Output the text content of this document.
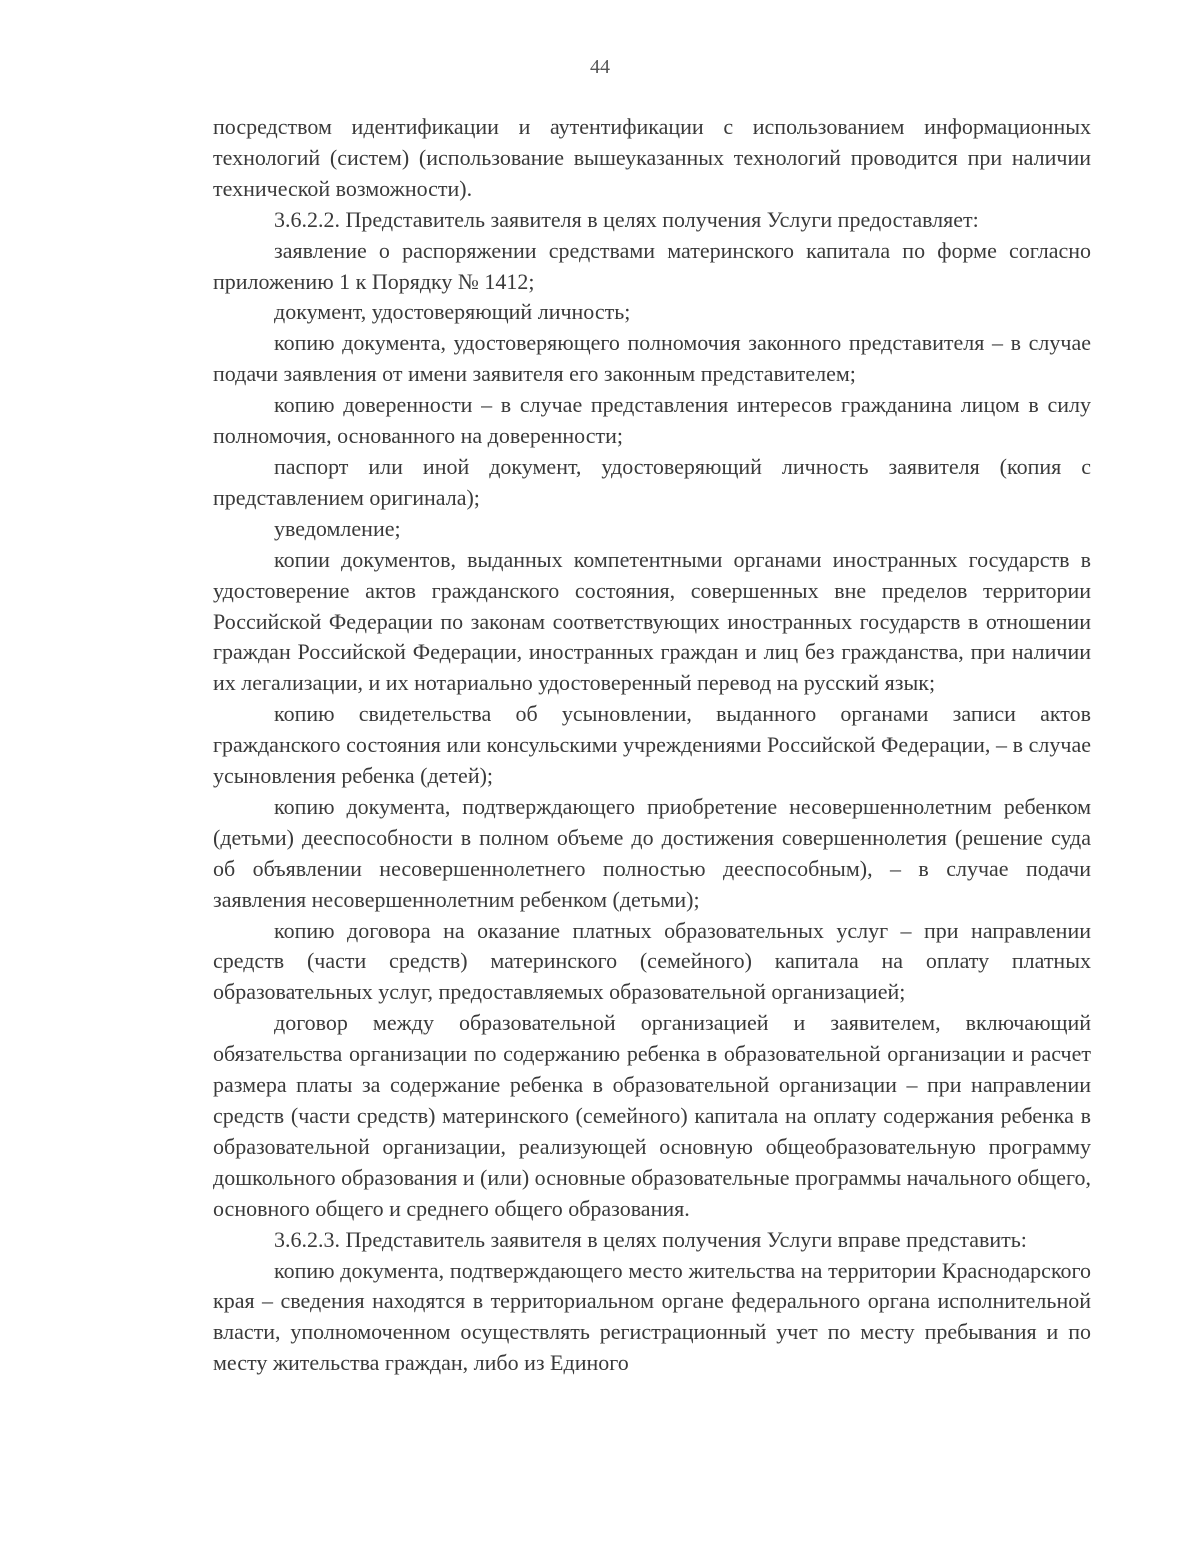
44

посредством идентификации и аутентификации с использованием информационных технологий (систем) (использование вышеуказанных технологий проводится при наличии технической возможности).

3.6.2.2. Представитель заявителя в целях получения Услуги предоставляет:

заявление о распоряжении средствами материнского капитала по форме согласно приложению 1 к Порядку № 1412;

документ, удостоверяющий личность;

копию документа, удостоверяющего полномочия законного представителя – в случае подачи заявления от имени заявителя его законным представителем;

копию доверенности – в случае представления интересов гражданина лицом в силу полномочия, основанного на доверенности;

паспорт или иной документ, удостоверяющий личность заявителя (копия с представлением оригинала);

уведомление;

копии документов, выданных компетентными органами иностранных государств в удостоверение актов гражданского состояния, совершенных вне пределов территории Российской Федерации по законам соответствующих иностранных государств в отношении граждан Российской Федерации, иностранных граждан и лиц без гражданства, при наличии их легализации, и их нотариально удостоверенный перевод на русский язык;

копию свидетельства об усыновлении, выданного органами записи актов гражданского состояния или консульскими учреждениями Российской Федерации, – в случае усыновления ребенка (детей);

копию документа, подтверждающего приобретение несовершеннолетним ребенком (детьми) дееспособности в полном объеме до достижения совершеннолетия (решение суда об объявлении несовершеннолетнего полностью дееспособным), – в случае подачи заявления несовершеннолетним ребенком (детьми);

копию договора на оказание платных образовательных услуг – при направлении средств (части средств) материнского (семейного) капитала на оплату платных образовательных услуг, предоставляемых образовательной организацией;

договор между образовательной организацией и заявителем, включающий обязательства организации по содержанию ребенка в образовательной организации и расчет размера платы за содержание ребенка в образовательной организации – при направлении средств (части средств) материнского (семейного) капитала на оплату содержания ребенка в образовательной организации, реализующей основную общеобразовательную программу дошкольного образования и (или) основные образовательные программы начального общего, основного общего и среднего общего образования.

3.6.2.3. Представитель заявителя в целях получения Услуги вправе представить:

копию документа, подтверждающего место жительства на территории Краснодарского края – сведения находятся в территориальном органе федерального органа исполнительной власти, уполномоченном осуществлять регистрационный учет по месту пребывания и по месту жительства граждан, либо из Единого
